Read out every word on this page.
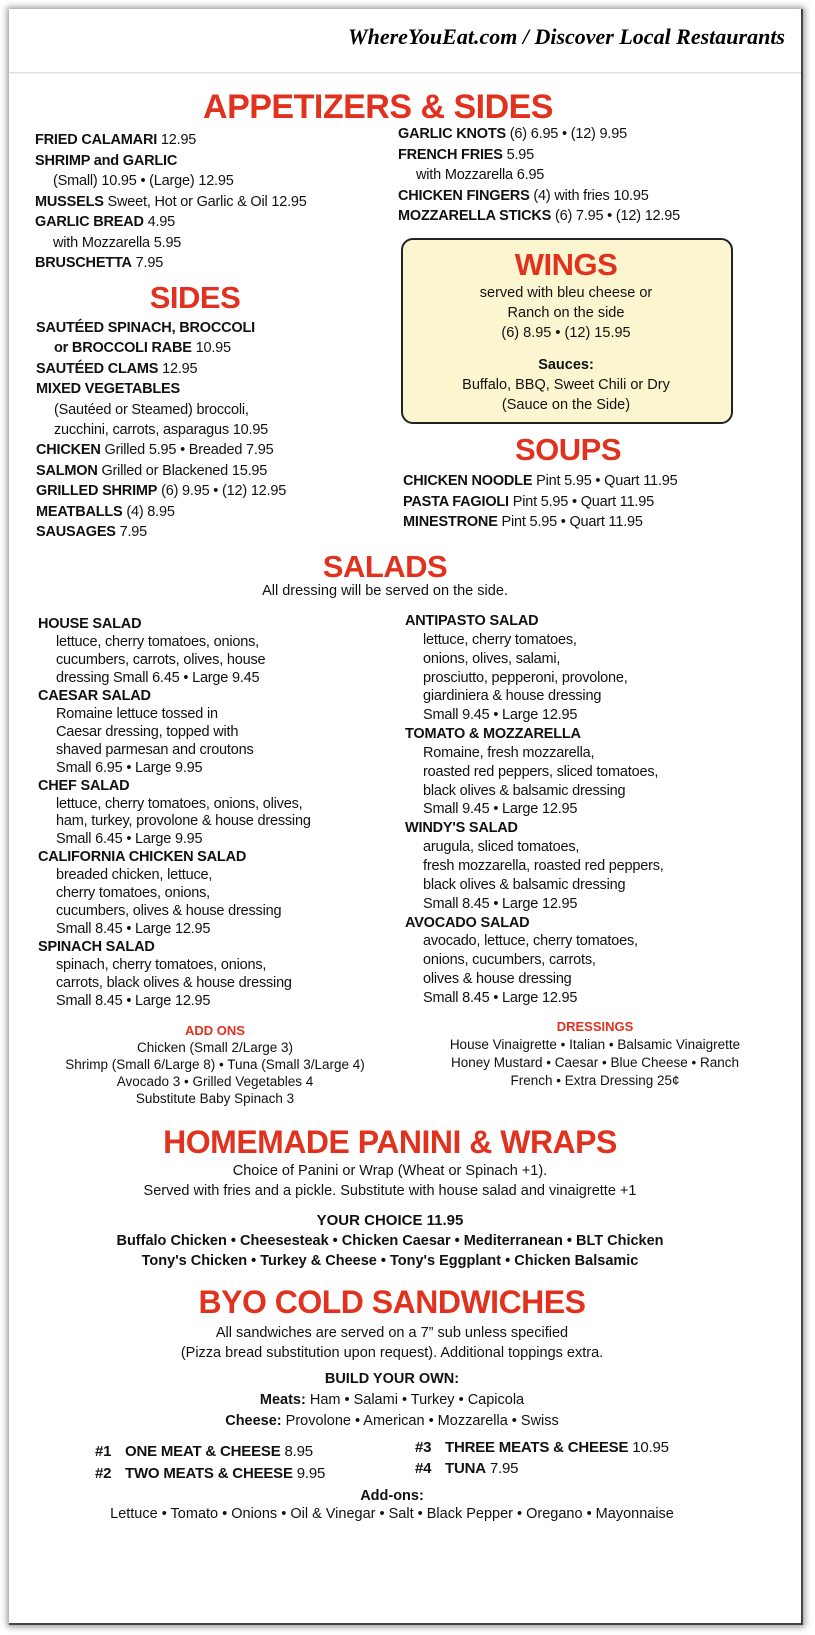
WhereYouEat.com / Discover Local Restaurants
APPETIZERS & SIDES
FRIED CALAMARI 12.95
SHRIMP and GARLIC
(Small) 10.95 • (Large) 12.95
MUSSELS Sweet, Hot or Garlic & Oil 12.95
GARLIC BREAD 4.95
with Mozzarella 5.95
BRUSCHETTA 7.95
GARLIC KNOTS (6) 6.95 • (12) 9.95
FRENCH FRIES 5.95
with Mozzarella 6.95
CHICKEN FINGERS (4) with fries 10.95
MOZZARELLA STICKS (6) 7.95 • (12) 12.95
WINGS
served with bleu cheese or
Ranch on the side
(6) 8.95 • (12) 15.95
Sauces:
Buffalo, BBQ, Sweet Chili or Dry
(Sauce on the Side)
SIDES
SAUTÉED SPINACH, BROCCOLI
or BROCCOLI RABE 10.95
SAUTÉED CLAMS 12.95
MIXED VEGETABLES
(Sautéed or Steamed) broccoli,
zucchini, carrots, asparagus 10.95
CHICKEN Grilled 5.95 • Breaded 7.95
SALMON Grilled or Blackened 15.95
GRILLED SHRIMP (6) 9.95 • (12) 12.95
MEATBALLS (4) 8.95
SAUSAGES 7.95
SOUPS
CHICKEN NOODLE Pint 5.95 • Quart 11.95
PASTA FAGIOLI Pint 5.95 • Quart 11.95
MINESTRONE Pint 5.95 • Quart 11.95
SALADS
All dressing will be served on the side.
HOUSE SALAD
lettuce, cherry tomatoes, onions,
cucumbers, carrots, olives, house
dressing Small 6.45 • Large 9.45
CAESAR SALAD
Romaine lettuce tossed in
Caesar dressing, topped with
shaved parmesan and croutons
Small 6.95 • Large 9.95
CHEF SALAD
lettuce, cherry tomatoes, onions, olives,
ham, turkey, provolone & house dressing
Small 6.45 • Large 9.95
CALIFORNIA CHICKEN SALAD
breaded chicken, lettuce,
cherry tomatoes, onions,
cucumbers, olives & house dressing
Small 8.45 • Large 12.95
SPINACH SALAD
spinach, cherry tomatoes, onions,
carrots, black olives & house dressing
Small 8.45 • Large 12.95
ANTIPASTO SALAD
lettuce, cherry tomatoes,
onions, olives, salami,
prosciutto, pepperoni, provolone,
giardiniera & house dressing
Small 9.45 • Large 12.95
TOMATO & MOZZARELLA
Romaine, fresh mozzarella,
roasted red peppers, sliced tomatoes,
black olives & balsamic dressing
Small 9.45 • Large 12.95
WINDY'S SALAD
arugula, sliced tomatoes,
fresh mozzarella, roasted red peppers,
black olives & balsamic dressing
Small 8.45 • Large 12.95
AVOCADO SALAD
avocado, lettuce, cherry tomatoes,
onions, cucumbers, carrots,
olives & house dressing
Small 8.45 • Large 12.95
ADD ONS
Chicken (Small 2/Large 3)
Shrimp (Small 6/Large 8) • Tuna (Small 3/Large 4)
Avocado 3 • Grilled Vegetables 4
Substitute Baby Spinach 3
DRESSINGS
House Vinaigrette • Italian • Balsamic Vinaigrette
Honey Mustard • Caesar • Blue Cheese • Ranch
French • Extra Dressing 25¢
HOMEMADE PANINI & WRAPS
Choice of Panini or Wrap (Wheat or Spinach +1).
Served with fries and a pickle. Substitute with house salad and vinaigrette +1
YOUR CHOICE 11.95
Buffalo Chicken • Cheesesteak • Chicken Caesar • Mediterranean • BLT Chicken
Tony's Chicken • Turkey & Cheese • Tony's Eggplant • Chicken Balsamic
BYO COLD SANDWICHES
All sandwiches are served on a 7” sub unless specified
(Pizza bread substitution upon request). Additional toppings extra.
BUILD YOUR OWN:
Meats: Ham • Salami • Turkey • Capicola
Cheese: Provolone • American • Mozzarella • Swiss
#1 ONE MEAT & CHEESE 8.95
#2 TWO MEATS & CHEESE 9.95
#3 THREE MEATS & CHEESE 10.95
#4 TUNA 7.95
Add-ons:
Lettuce • Tomato • Onions • Oil & Vinegar • Salt • Black Pepper • Oregano • Mayonnaise
